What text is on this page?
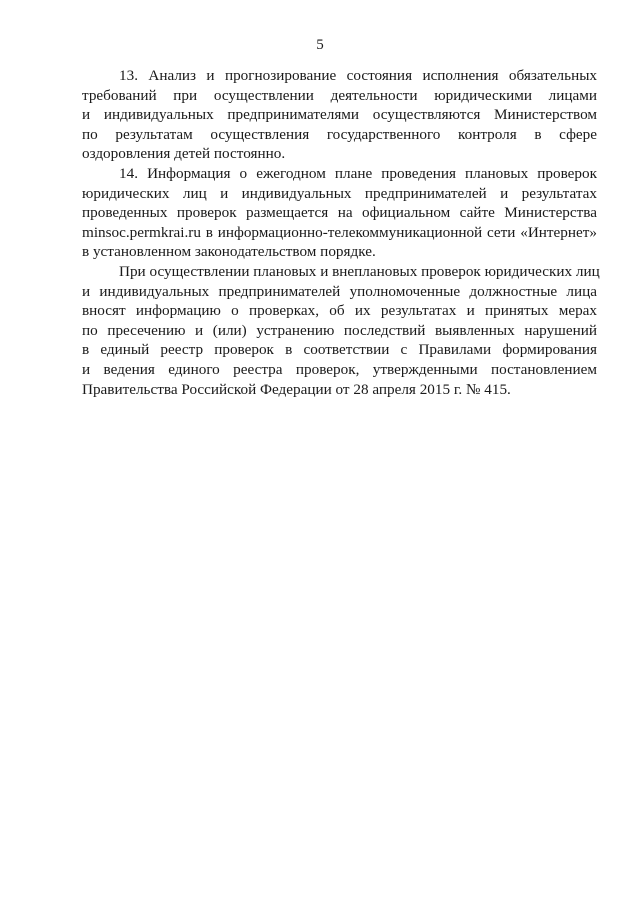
5
13. Анализ и прогнозирование состояния исполнения обязательных
требований при осуществлении деятельности юридическими лицами
и индивидуальных предпринимателями осуществляются Министерством
по результатам осуществления государственного контроля в сфере
оздоровления детей постоянно.
14. Информация о ежегодном плане проведения плановых проверок
юридических лиц и индивидуальных предпринимателей и результатах
проведенных проверок размещается на официальном сайте Министерства
minsoc.permkrai.ru в информационно-телекоммуникационной сети «Интернет»
в установленном законодательством порядке.
При осуществлении плановых и внеплановых проверок юридических лиц
и индивидуальных предпринимателей уполномоченные должностные лица
вносят информацию о проверках, об их результатах и принятых мерах
по пресечению и (или) устранению последствий выявленных нарушений
в единый реестр проверок в соответствии с Правилами формирования
и ведения единого реестра проверок, утвержденными постановлением
Правительства Российской Федерации от 28 апреля 2015 г. № 415.
